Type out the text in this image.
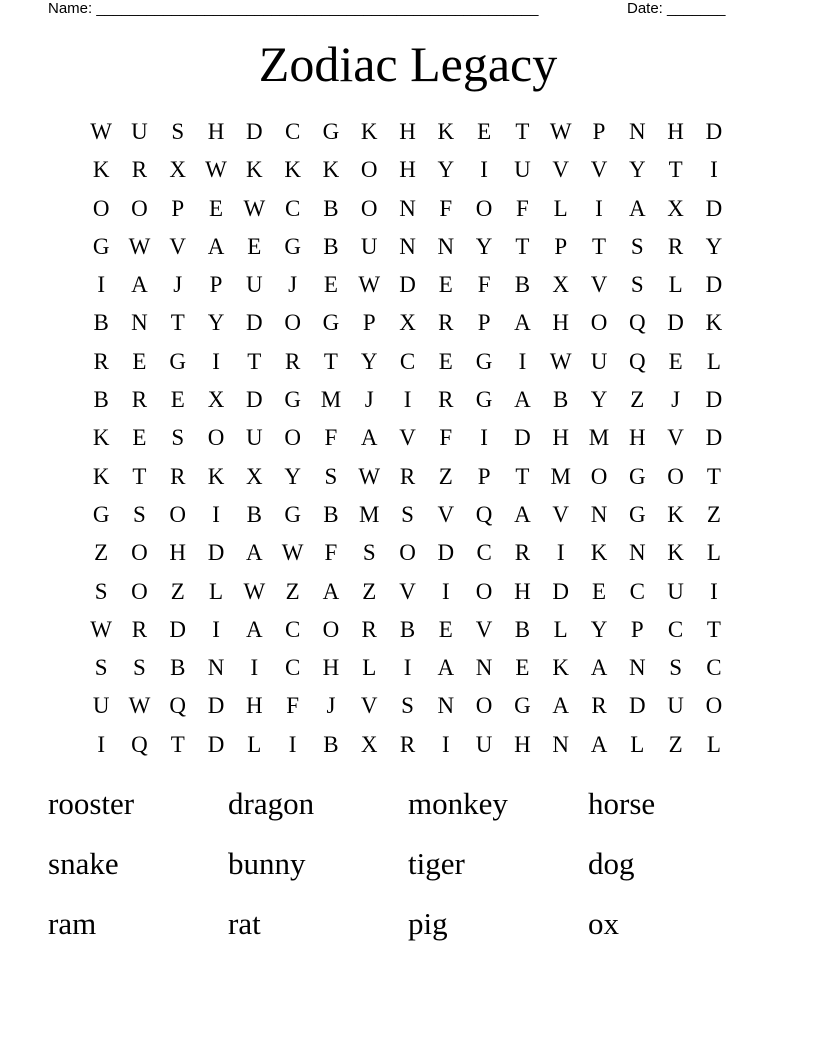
Name: _____________________________________________________	Date: _______
Zodiac Legacy
W U	S	H D C G K H K E	T W P	N H D
K R X W K K K O H Y	I	U V V Y T	I
O O	P	E W C B O N	F	O	F	L	I	A X D
G W V A E G B U N N Y T	P	T	S	R Y
I	A	J	P	U	J	E W D E	F	B X V	S	L D
B N T Y D O G	P	X R	P	A H O Q D K
R	E G	I	T	R	T Y C	E G	I	W U Q E	L
B R	E X D G M	J	I	R G A B Y Z	J	D
K E	S	O U O	F	A V	F	I	D H M H V D
K T	R K X Y	S W R	Z	P	T M O G O T
G	S	O	I	B G B M S	V Q A V N G K Z
Z O H D A W F	S	O D C R	I	K N K L
S	O Z	L W Z A Z V	I	O H D E	C U	I
W R D	I	A C O R B	E V B	L Y	P	C	T
S	S	B N	I	C H L	I	A N E K A N	S	C
U W Q D H	F	J	V	S	N O G A R D U O
I	Q T D L	I	B X R	I	U H N A L	Z	L
rooster	dragon	monkey	horse
snake	bunny	tiger	dog
ram	rat	pig	ox
